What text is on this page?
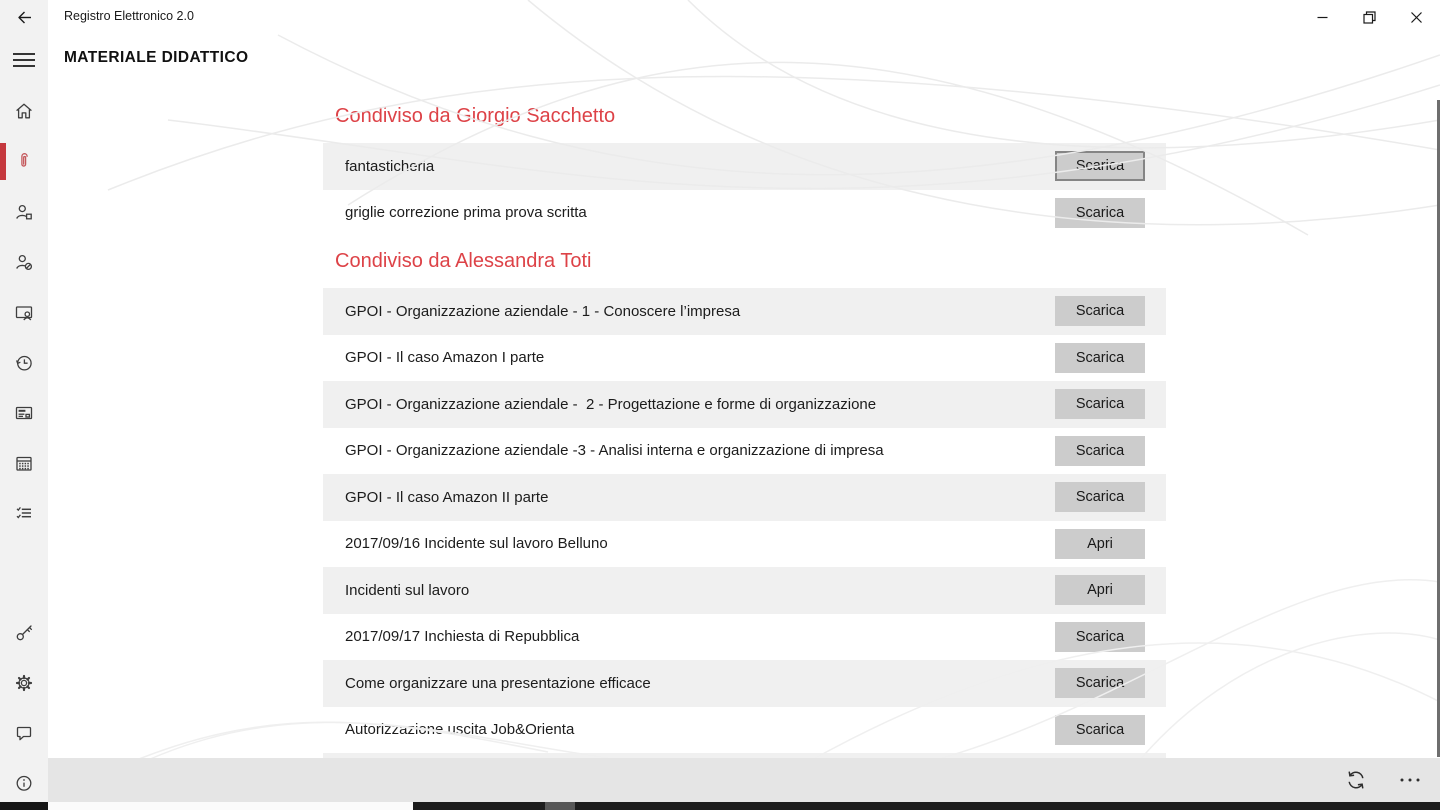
Registro Elettronico 2.0
MATERIALE DIDATTICO
Condiviso da Giorgio Sacchetto
fantasticheria	Scarica
griglie correzione prima prova scritta	Scarica
Condiviso da Alessandra Toti
GPOI - Organizzazione aziendale - 1 - Conoscere l’impresa	Scarica
GPOI - Il caso Amazon I parte	Scarica
GPOI - Organizzazione aziendale -  2 - Progettazione e forme di organizzazione	Scarica
GPOI - Organizzazione aziendale -3 - Analisi interna e organizzazione di impresa	Scarica
GPOI - Il caso Amazon II parte	Scarica
2017/09/16 Incidente sul lavoro Belluno	Apri
Incidenti sul lavoro	Apri
2017/09/17 Inchiesta di Repubblica	Scarica
Come organizzare una presentazione efficace	Scarica
Autorizzazione uscita Job&Orienta	Scarica
